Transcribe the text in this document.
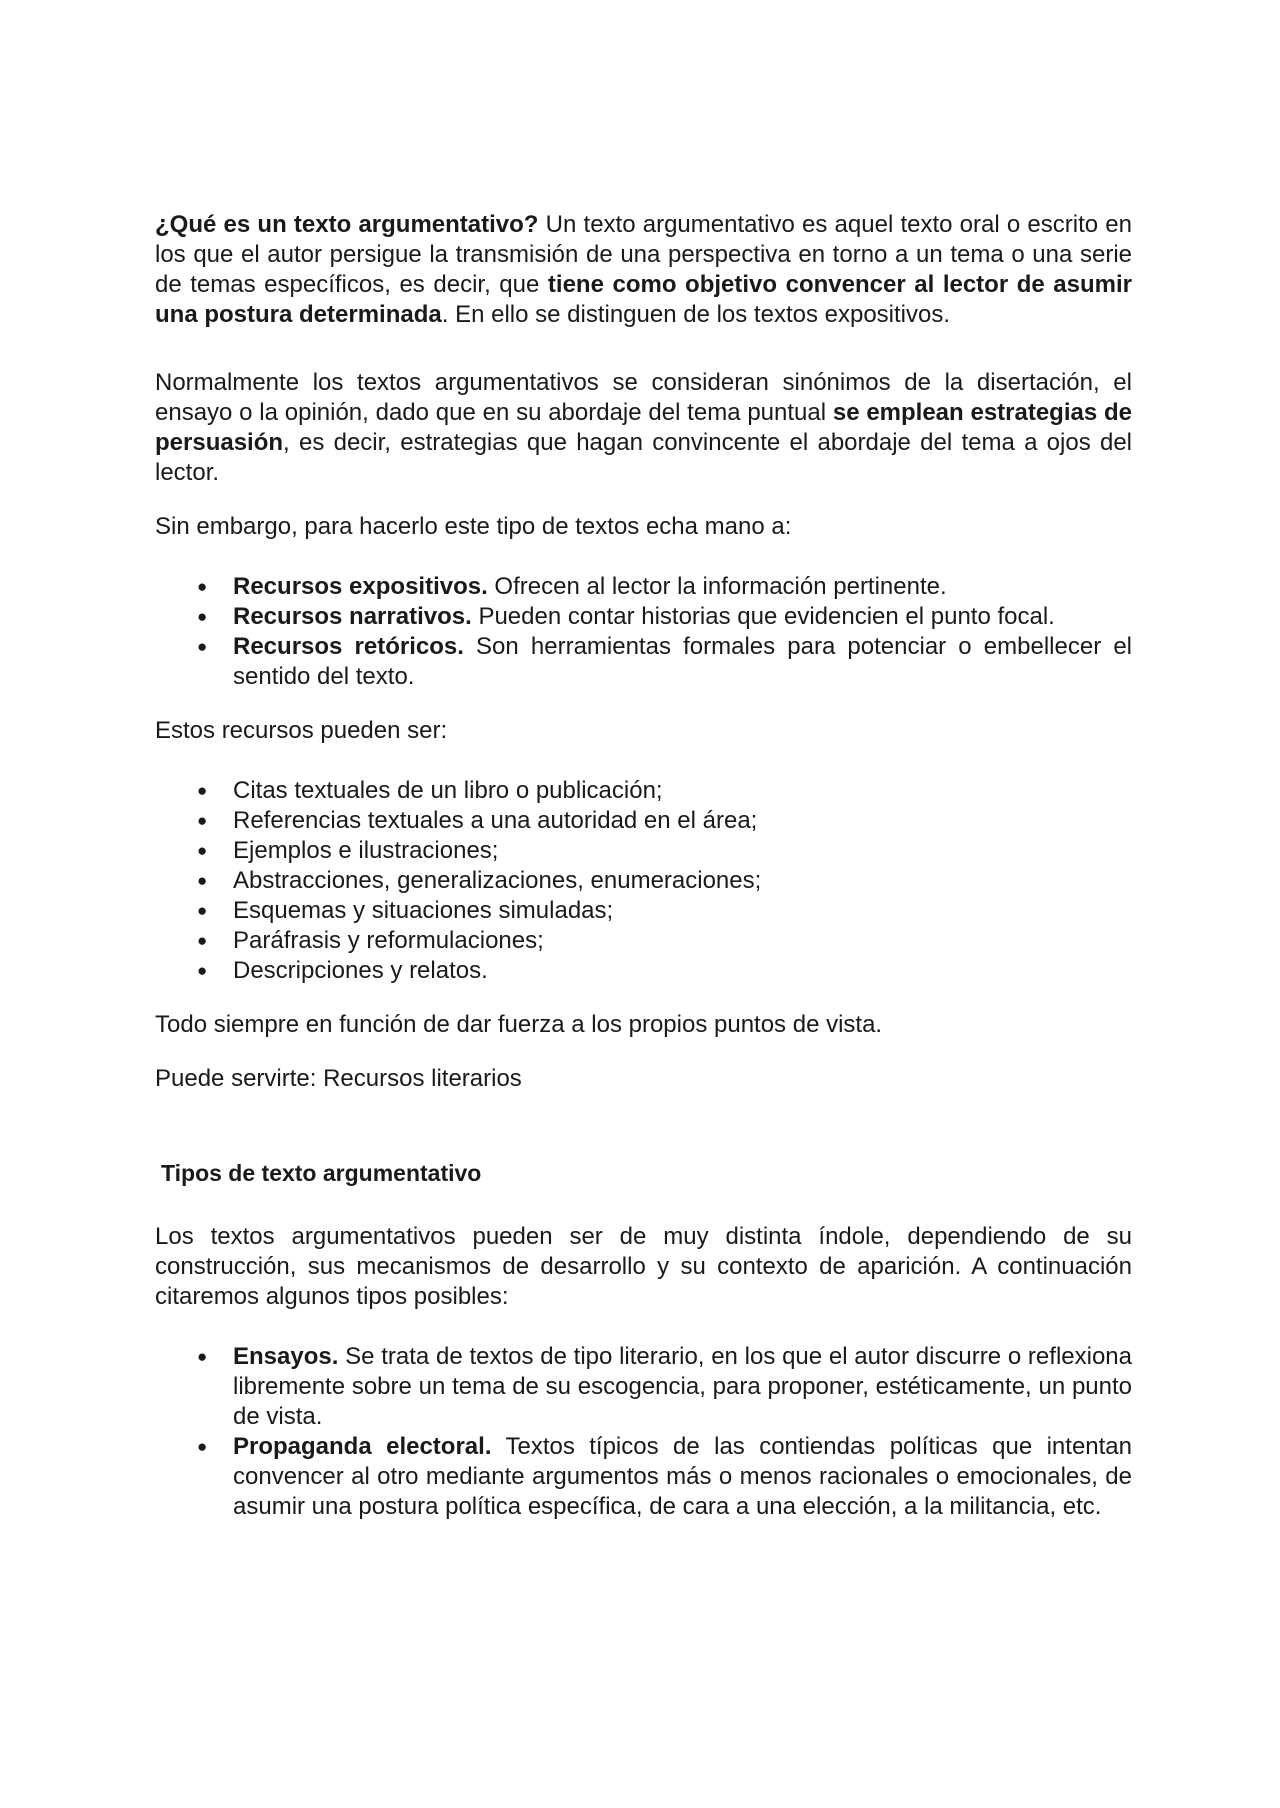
¿Qué es un texto argumentativo? Un texto argumentativo es aquel texto oral o escrito en los que el autor persigue la transmisión de una perspectiva en torno a un tema o una serie de temas específicos, es decir, que tiene como objetivo convencer al lector de asumir una postura determinada. En ello se distinguen de los textos expositivos.

Normalmente los textos argumentativos se consideran sinónimos de la disertación, el ensayo o la opinión, dado que en su abordaje del tema puntual se emplean estrategias de persuasión, es decir, estrategias que hagan convincente el abordaje del tema a ojos del lector.

Sin embargo, para hacerlo este tipo de textos echa mano a:

● Recursos expositivos. Ofrecen al lector la información pertinente.
● Recursos narrativos. Pueden contar historias que evidencien el punto focal.
● Recursos retóricos. Son herramientas formales para potenciar o embellecer el sentido del texto.

Estos recursos pueden ser:

● Citas textuales de un libro o publicación;
● Referencias textuales a una autoridad en el área;
● Ejemplos e ilustraciones;
● Abstracciones, generalizaciones, enumeraciones;
● Esquemas y situaciones simuladas;
● Paráfrasis y reformulaciones;
● Descripciones y relatos.

Todo siempre en función de dar fuerza a los propios puntos de vista.

Puede servirte: Recursos literarios

Tipos de texto argumentativo

Los textos argumentativos pueden ser de muy distinta índole, dependiendo de su construcción, sus mecanismos de desarrollo y su contexto de aparición. A continuación citaremos algunos tipos posibles:

● Ensayos. Se trata de textos de tipo literario, en los que el autor discurre o reflexiona libremente sobre un tema de su escogencia, para proponer, estéticamente, un punto de vista.
● Propaganda electoral. Textos típicos de las contiendas políticas que intentan convencer al otro mediante argumentos más o menos racionales o emocionales, de asumir una postura política específica, de cara a una elección, a la militancia, etc.
